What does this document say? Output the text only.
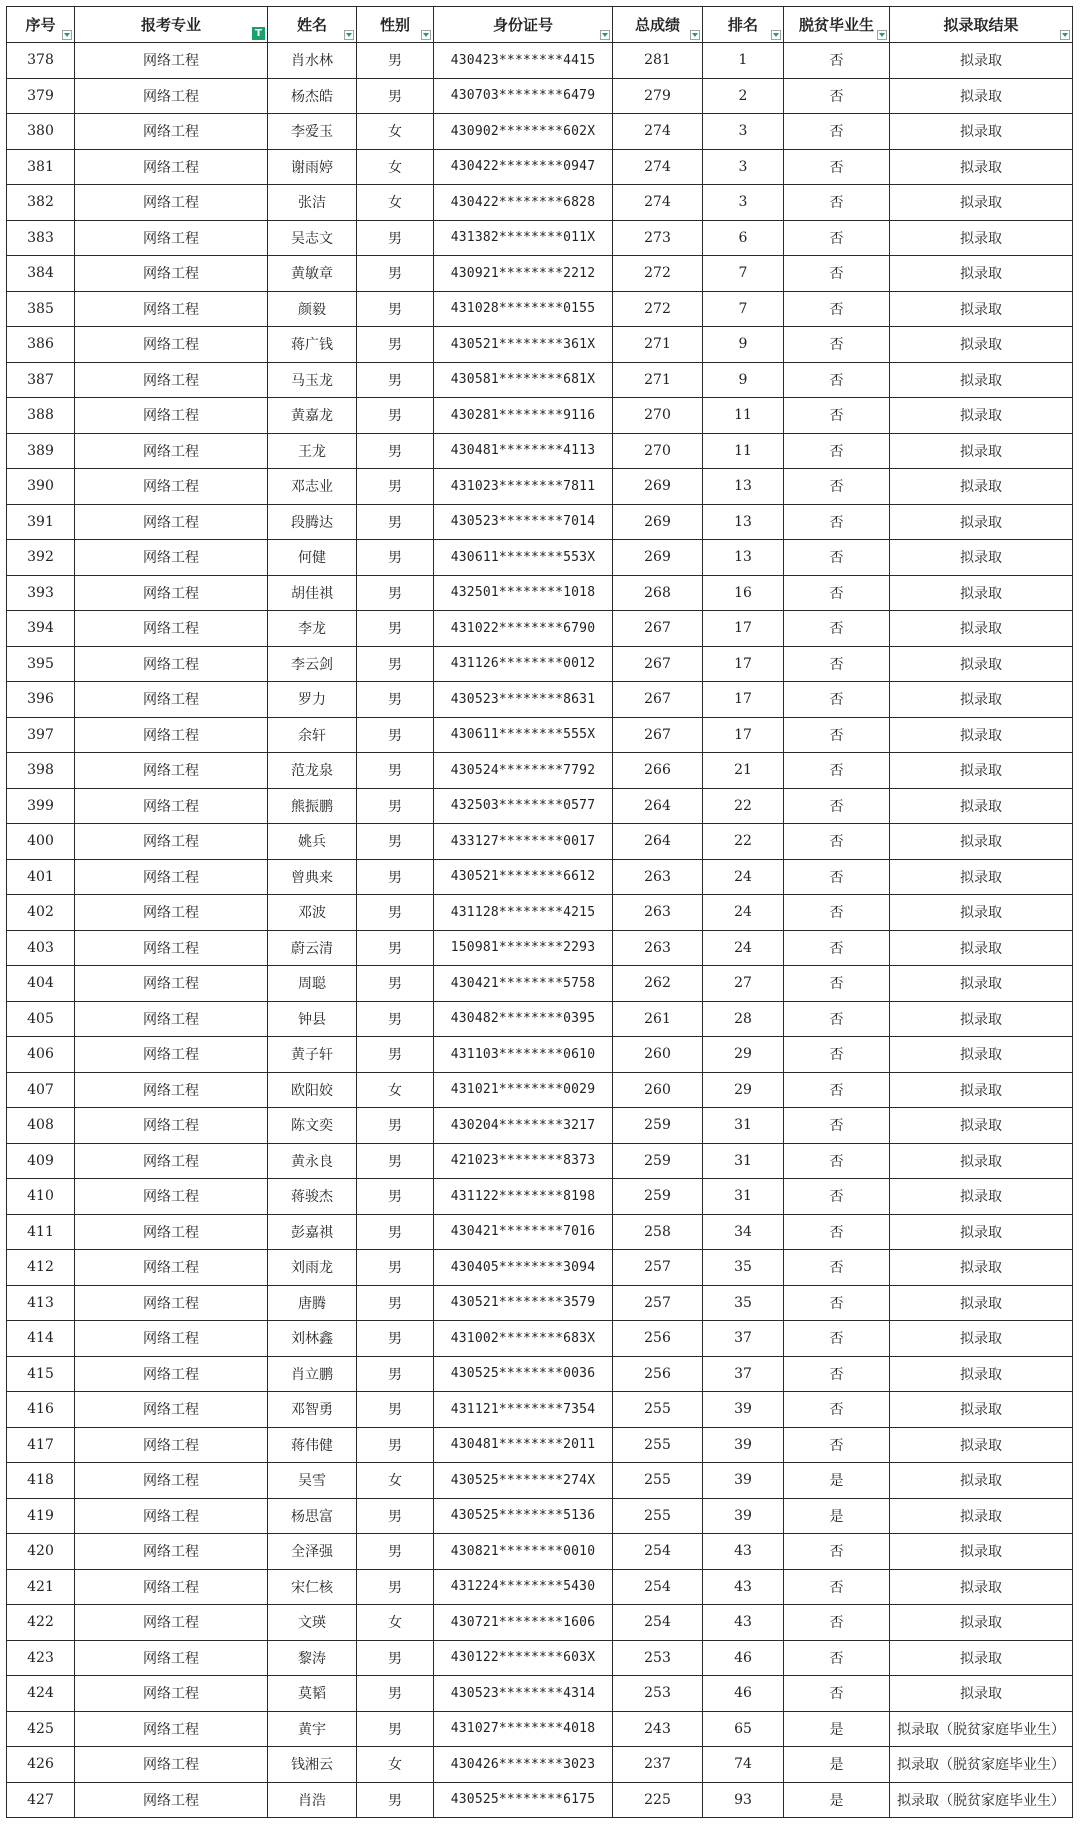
序号	报考专业 T	姓名	性别	身份证号	总成绩	排名	脱贫毕业生	拟录取结果

378	网络工程	肖水林	男	430423********4415	281	1	否	拟录取
379	网络工程	杨杰皓	男	430703********6479	279	2	否	拟录取
380	网络工程	李爱玉	女	430902********602X	274	3	否	拟录取
381	网络工程	谢雨婷	女	430422********0947	274	3	否	拟录取
382	网络工程	张洁	女	430422********6828	274	3	否	拟录取
383	网络工程	吴志文	男	431382********011X	273	6	否	拟录取
384	网络工程	黄敏章	男	430921********2212	272	7	否	拟录取
385	网络工程	颜毅	男	431028********0155	272	7	否	拟录取
386	网络工程	蒋广钱	男	430521********361X	271	9	否	拟录取
387	网络工程	马玉龙	男	430581********681X	271	9	否	拟录取
388	网络工程	黄嘉龙	男	430281********9116	270	11	否	拟录取
389	网络工程	王龙	男	430481********4113	270	11	否	拟录取
390	网络工程	邓志业	男	431023********7811	269	13	否	拟录取
391	网络工程	段腾达	男	430523********7014	269	13	否	拟录取
392	网络工程	何健	男	430611********553X	269	13	否	拟录取
393	网络工程	胡佳祺	男	432501********1018	268	16	否	拟录取
394	网络工程	李龙	男	431022********6790	267	17	否	拟录取
395	网络工程	李云剑	男	431126********0012	267	17	否	拟录取
396	网络工程	罗力	男	430523********8631	267	17	否	拟录取
397	网络工程	余轩	男	430611********555X	267	17	否	拟录取
398	网络工程	范龙泉	男	430524********7792	266	21	否	拟录取
399	网络工程	熊振鹏	男	432503********0577	264	22	否	拟录取
400	网络工程	姚兵	男	433127********0017	264	22	否	拟录取
401	网络工程	曾典来	男	430521********6612	263	24	否	拟录取
402	网络工程	邓波	男	431128********4215	263	24	否	拟录取
403	网络工程	蔚云清	男	150981********2293	263	24	否	拟录取
404	网络工程	周聪	男	430421********5758	262	27	否	拟录取
405	网络工程	钟县	男	430482********0395	261	28	否	拟录取
406	网络工程	黄子轩	男	431103********0610	260	29	否	拟录取
407	网络工程	欧阳姣	女	431021********0029	260	29	否	拟录取
408	网络工程	陈文奕	男	430204********3217	259	31	否	拟录取
409	网络工程	黄永良	男	421023********8373	259	31	否	拟录取
410	网络工程	蒋骏杰	男	431122********8198	259	31	否	拟录取
411	网络工程	彭嘉祺	男	430421********7016	258	34	否	拟录取
412	网络工程	刘雨龙	男	430405********3094	257	35	否	拟录取
413	网络工程	唐腾	男	430521********3579	257	35	否	拟录取
414	网络工程	刘林鑫	男	431002********683X	256	37	否	拟录取
415	网络工程	肖立鹏	男	430525********0036	256	37	否	拟录取
416	网络工程	邓智勇	男	431121********7354	255	39	否	拟录取
417	网络工程	蒋伟健	男	430481********2011	255	39	否	拟录取
418	网络工程	吴雪	女	430525********274X	255	39	是	拟录取
419	网络工程	杨思富	男	430525********5136	255	39	是	拟录取
420	网络工程	全泽强	男	430821********0010	254	43	否	拟录取
421	网络工程	宋仁核	男	431224********5430	254	43	否	拟录取
422	网络工程	文瑛	女	430721********1606	254	43	否	拟录取
423	网络工程	黎涛	男	430122********603X	253	46	否	拟录取
424	网络工程	莫韬	男	430523********4314	253	46	否	拟录取
425	网络工程	黄宇	男	431027********4018	243	65	是	拟录取（脱贫家庭毕业生）
426	网络工程	钱湘云	女	430426********3023	237	74	是	拟录取（脱贫家庭毕业生）
427	网络工程	肖浩	男	430525********6175	225	93	是	拟录取（脱贫家庭毕业生）
